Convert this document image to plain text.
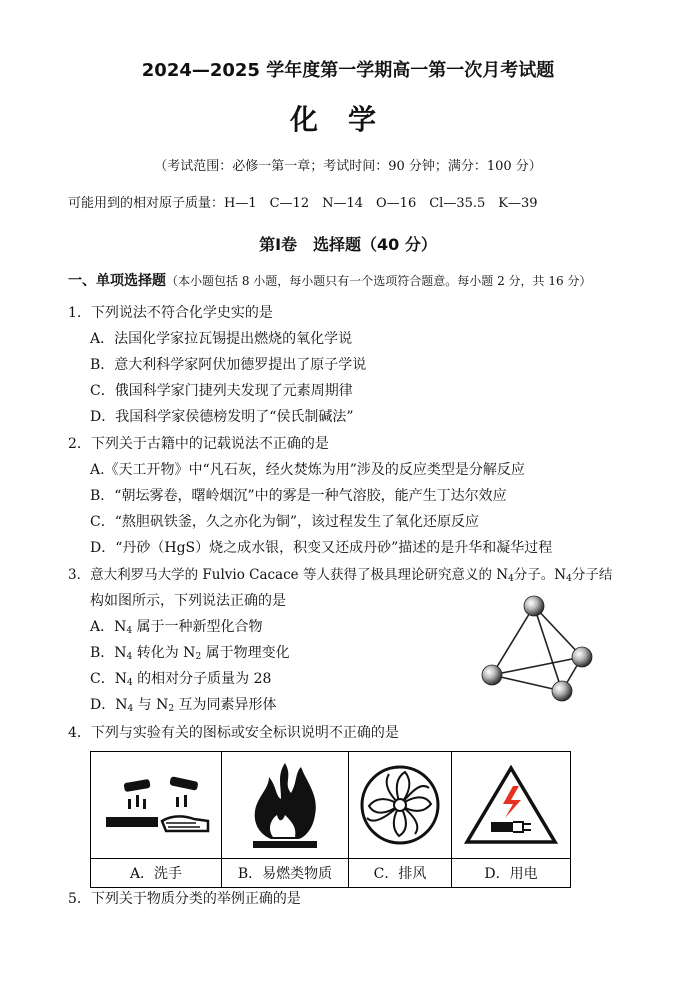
2024—2025 学年度第一学期高一第一次月考试题
化学
（考试范围：必修一第一章；考试时间：90 分钟；满分：100 分）
可能用到的相对原子质量：H—1　C—12　N—14　O—16　Cl—35.5　K—39
第Ⅰ卷　选择题（40 分）
一、单项选择题（本小题包括 8 小题，每小题只有一个选项符合题意。每小题 2 分，共 16 分）
1．下列说法不符合化学史实的是
A．法国化学家拉瓦锡提出燃烧的氧化学说
B．意大利科学家阿伏加德罗提出了原子学说
C．俄国科学家门捷列夫发现了元素周期律
D．我国科学家侯德榜发明了“侯氏制碱法”
2．下列关于古籍中的记载说法不正确的是
A.《天工开物》中“凡石灰，经火焚炼为用”涉及的反应类型是分解反应
B．“朝坛雾卷，曙岭烟沉”中的雾是一种气溶胶，能产生丁达尔效应
C．“熬胆矾铁釜，久之亦化为铜”，该过程发生了氧化还原反应
D．“丹砂（HgS）烧之成水银，积变又还成丹砂”描述的是升华和凝华过程
3．意大利罗马大学的 Fulvio Cacace 等人获得了极具理论研究意义的 $N_4$分子。$N_4$分子结
构如图所示，下列说法正确的是
A．$N_4$ 属于一种新型化合物
B．$N_4$ 转化为 $N_2$ 属于物理变化
C．$N_4$ 的相对分子质量为 28
D．$N_4$ 与 $N_2$ 互为同素异形体
4．下列与实验有关的图标或安全标识说明不正确的是

A．洗手	B．易燃类物质	C．排风	D．用电
5．下列关于物质分类的举例正确的是
